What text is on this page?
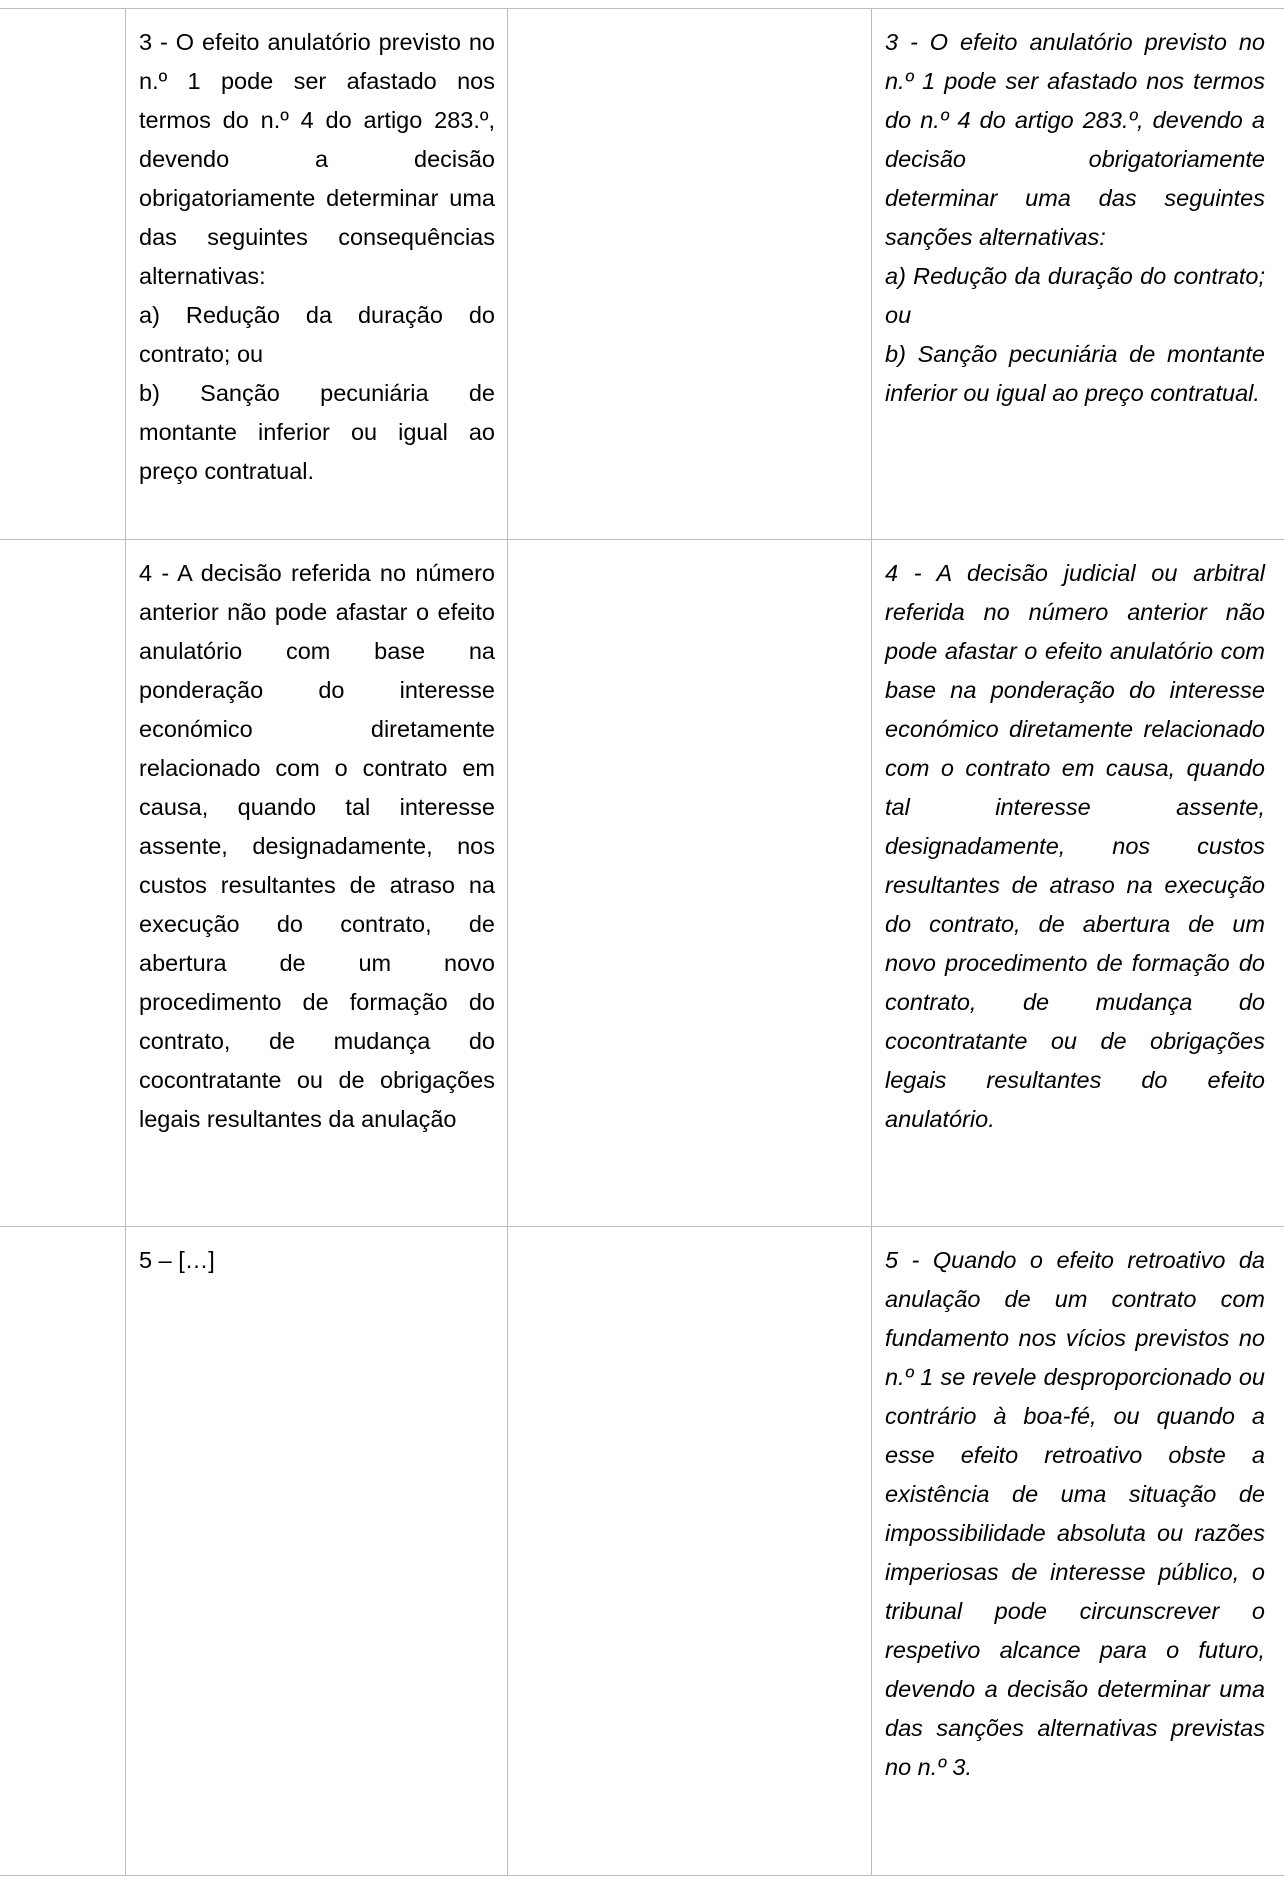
3 - O efeito anulatório previsto no n.º 1 pode ser afastado nos termos do n.º 4 do artigo 283.º, devendo a decisão obrigatoriamente determinar uma das seguintes consequências alternativas:
a) Redução da duração do contrato; ou
b) Sanção pecuniária de montante inferior ou igual ao preço contratual.
3 - O efeito anulatório previsto no n.º 1 pode ser afastado nos termos do n.º 4 do artigo 283.º, devendo a decisão obrigatoriamente determinar uma das seguintes sanções alternativas:
a) Redução da duração do contrato; ou
b) Sanção pecuniária de montante inferior ou igual ao preço contratual.
4 - A decisão referida no número anterior não pode afastar o efeito anulatório com base na ponderação do interesse económico diretamente relacionado com o contrato em causa, quando tal interesse assente, designadamente, nos custos resultantes de atraso na execução do contrato, de abertura de um novo procedimento de formação do contrato, de mudança do cocontratante ou de obrigações legais resultantes da anulação
4 - A decisão judicial ou arbitral referida no número anterior não pode afastar o efeito anulatório com base na ponderação do interesse económico diretamente relacionado com o contrato em causa, quando tal interesse assente, designadamente, nos custos resultantes de atraso na execução do contrato, de abertura de um novo procedimento de formação do contrato, de mudança do cocontratante ou de obrigações legais resultantes do efeito anulatório.
5 – […]	5 - Quando o efeito retroativo da anulação de um contrato com fundamento nos vícios previstos no n.º 1 se revele desproporcionado ou contrário à boa-fé, ou quando a esse efeito retroativo obste a existência de uma situação de impossibilidade absoluta ou razões imperiosas de interesse público, o tribunal pode circunscrever o respetivo alcance para o futuro, devendo a decisão determinar uma das sanções alternativas previstas no n.º 3.
